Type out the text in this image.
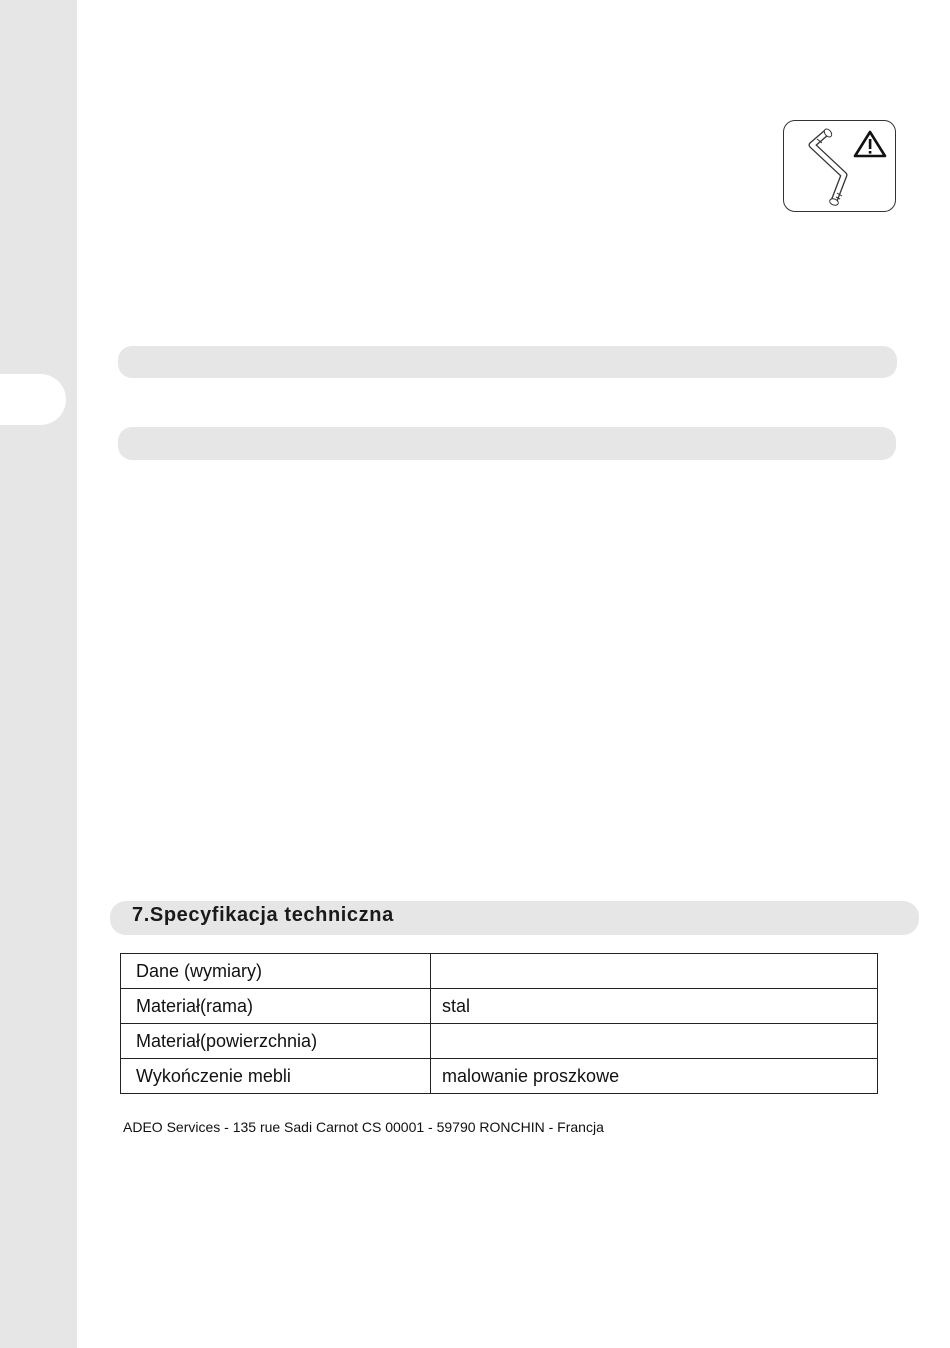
7.Specyfikacja techniczna
Dane (wymiary)	
Materiał(rama)	stal
Materiał(powierzchnia)	
Wykończenie mebli	malowanie proszkowe
ADEO Services - 135 rue Sadi Carnot CS 00001 - 59790 RONCHIN - Francja
